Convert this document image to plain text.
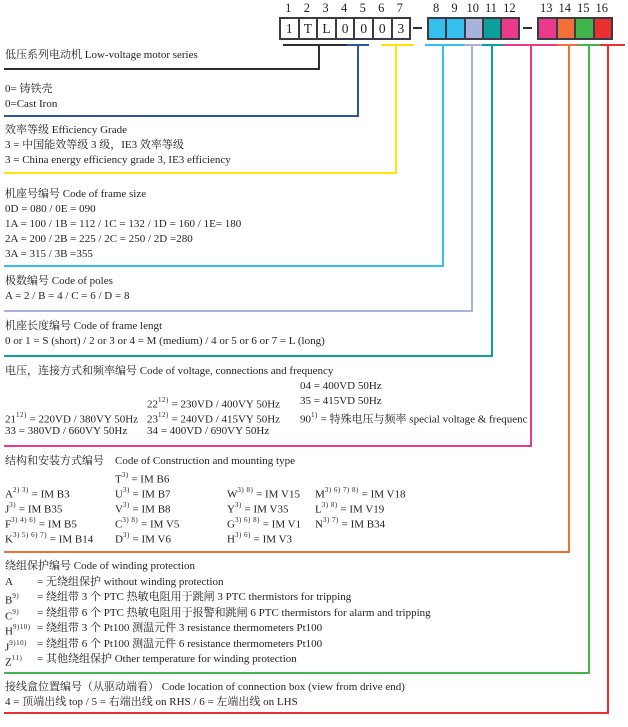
1
1
2
T
3
L
4
0
5
0
6
0
7
3
8 9 10 11 12 13 14 15 16
低压系列电动机 Low-voltage motor series
0= 铸铁壳
0=Cast Iron
效率等级 Efficiency Grade
3 = 中国能效等级 3 级，IE3 效率等级
3 = China energy efficiency grade 3, IE3 efficiency
机座号编号 Code of frame size
0D = 080 / 0E = 090
1A = 100 / 1B = 112 / 1C = 132 / 1D = 160 / 1E= 180
2A = 200 / 2B = 225 / 2C = 250 / 2D =280
3A = 315 / 3B =355
极数编号 Code of poles
A = 2 / B = 4 / C = 6 / D = 8
机座长度编号 Code of frame lengt
0 or 1 = S (short) / 2 or 3 or 4 = M (medium) / 4 or 5 or 6 or 7 = L (long)
电压，连接方式和频率编号 Code of voltage, connections and frequency
04 = 400VD 50Hz
$22^{12)} = 230VD / 400VY$ 50Hz 35 = 415VD 50Hz
$21^{12)} = 220VD / 380VY$ 50Hz $23^{12)} = 240VD / 415VY$ 50Hz $90^{1)}$ = 特殊电压与频率 special voltage & frequenc
33 = 380VD / 660VY 50Hz 34 = 400VD / 690VY 50Hz
结构和安装方式编号 Code of Construction and mounting type
$T^{3)}$ = IM B6
$A^{2) 3)}$ = IM B3	$U^{3)}$ = IM B7	$W^{3) 8)}$ = IM V15 $M^{3) 6) 7) 8)}$ = IM V18
$J^{3)}$ = IM B35	$V^{3)}$ = IM B8	$Y^{3)}$ = IM V35 $L^{3) 8)}$ = IM V19
$F^{3) 4) 6)}$ = IM B5	$C^{3) 8)}$ = IM V5	$G^{3) 6) 8)}$ = IM V1 $N^{3) 7)}$ = IM B34
$K^{3) 5) 6) 7)}$ = IM B14 $D^{3)}$ = IM V6	$H^{3) 6)}$ = IM V3
绕组保护编号 Code of winding protection
A = 无绕组保护 without winding protection
$B^{9)}$ = 绕组带 3 个 PTC 热敏电阻用于跳闸 3 PTC thermistors for tripping
$C^{9)}$ = 绕组带 6 个 PTC 热敏电阻用于报警和跳闸 6 PTC thermistors for alarm and tripping
$H^{9)10)}$ = 绕组带 3 个 Pt100 测温元件 3 resistance thermometers Pt100
$J^{9)10)}$ = 绕组带 6 个 Pt100 测温元件 6 resistance thermometers Pt100
$Z^{11)}$ = 其他绕组保护 Other temperature for winding protection
接线盒位置编号（从驱动端看） Code location of connection box (view from drive end)
4 = 顶端出线 top / 5 = 右端出线 on RHS / 6 = 左端出线 on LHS
